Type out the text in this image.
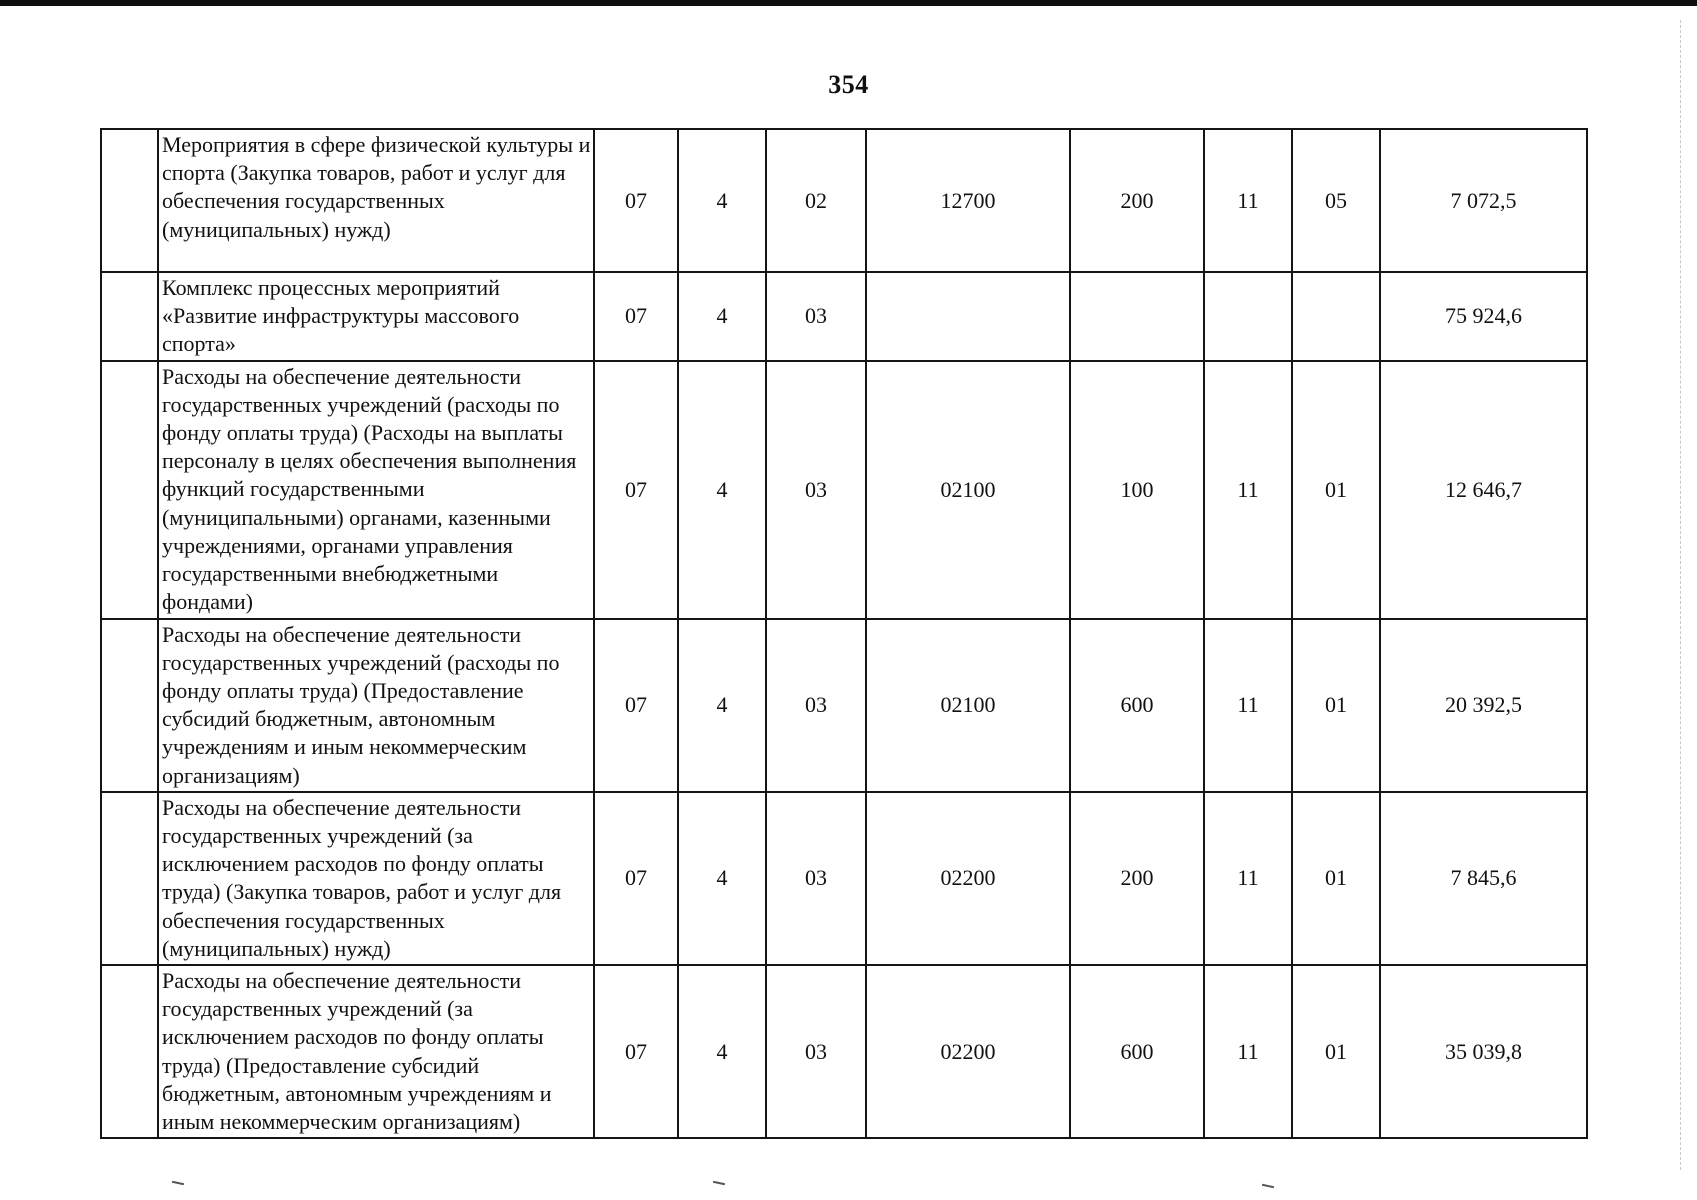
354
	Мероприятия в сфере физической культуры и спорта (Закупка товаров, работ и услуг для обеспечения государственных (муниципальных) нужд)	07	4	02	12700	200	11	05	7 072,5
	Комплекс процессных мероприятий «Развитие инфраструктуры массового спорта»	07	4	03					75 924,6
	Расходы на обеспечение деятельности государственных учреждений (расходы по фонду оплаты труда) (Расходы на выплаты персоналу в целях обеспечения выполнения функций государственными (муниципальными) органами, казенными учреждениями, органами управления государственными внебюджетными фондами)	07	4	03	02100	100	11	01	12 646,7
	Расходы на обеспечение деятельности государственных учреждений (расходы по фонду оплаты труда) (Предоставление субсидий бюджетным, автономным учреждениям и иным некоммерческим организациям)	07	4	03	02100	600	11	01	20 392,5
	Расходы на обеспечение деятельности государственных учреждений (за исключением расходов по фонду оплаты труда) (Закупка товаров, работ и услуг для обеспечения государственных (муниципальных) нужд)	07	4	03	02200	200	11	01	7 845,6
	Расходы на обеспечение деятельности государственных учреждений (за исключением расходов по фонду оплаты труда) (Предоставление субсидий бюджетным, автономным учреждениям и иным некоммерческим организациям)	07	4	03	02200	600	11	01	35 039,8
